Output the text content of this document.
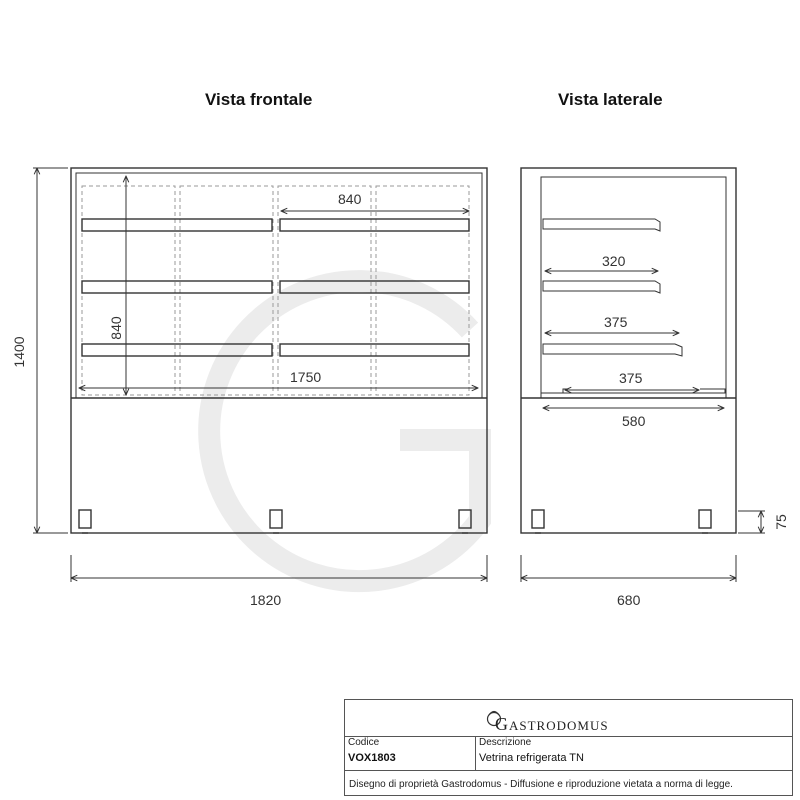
Vista frontale	Vista laterale
840
840
1750
1400
1820
320
375
375
580
680
75
Gastrodomus
Codice
VOX1803
Descrizione
Vetrina refrigerata TN
Disegno di proprietà Gastrodomus - Diffusione e riproduzione vietata a norma di legge.
